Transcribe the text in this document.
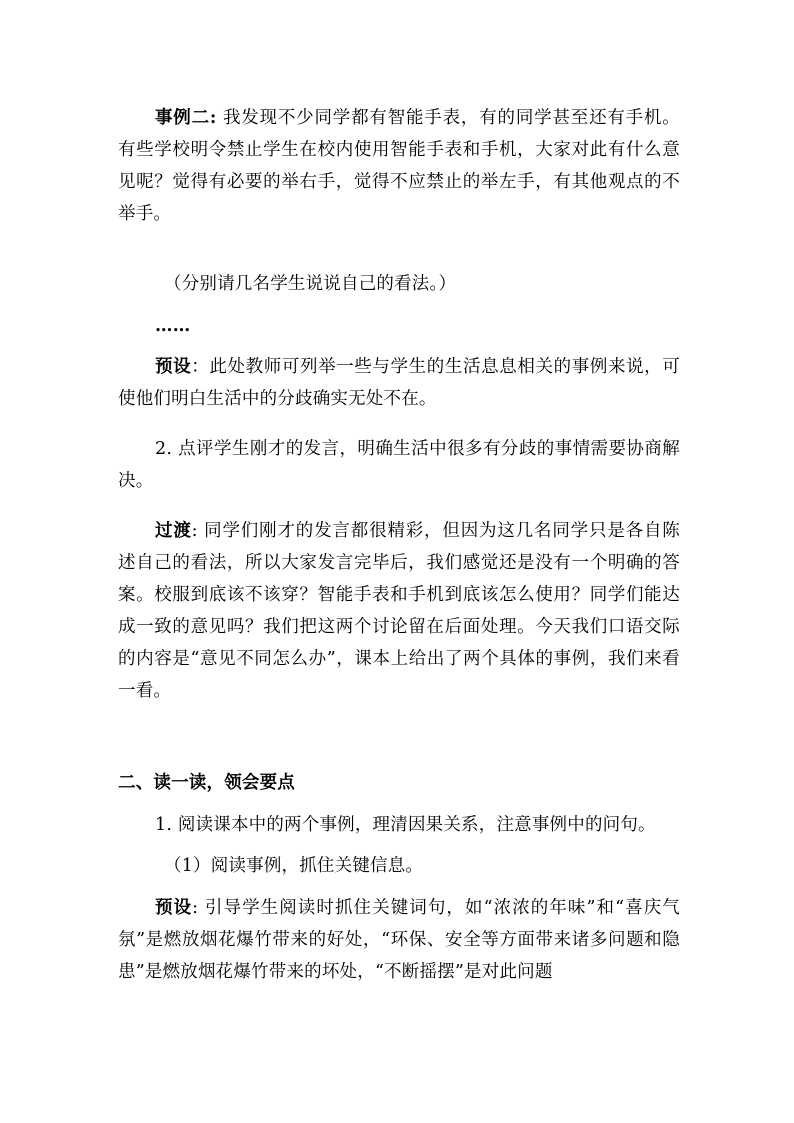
事例二: 我发现不少同学都有智能手表，有的同学甚至还有手机。有些学校明令禁止学生在校内使用智能手表和手机，大家对此有什么意见呢？觉得有必要的举右手，觉得不应禁止的举左手，有其他观点的不举手。

（分别请几名学生说说自己的看法。）

……

预设：此处教师可列举一些与学生的生活息息相关的事例来说，可使他们明白生活中的分歧确实无处不在。

2. 点评学生刚才的发言，明确生活中很多有分歧的事情需要协商解决。

过渡: 同学们刚才的发言都很精彩，但因为这几名同学只是各自陈述自己的看法，所以大家发言完毕后，我们感觉还是没有一个明确的答案。校服到底该不该穿？智能手表和手机到底该怎么使用？同学们能达成一致的意见吗？我们把这两个讨论留在后面处理。今天我们口语交际的内容是“意见不同怎么办”，课本上给出了两个具体的事例，我们来看一看。

二、读一读，领会要点

1. 阅读课本中的两个事例，理清因果关系，注意事例中的问句。

（1）阅读事例，抓住关键信息。

预设: 引导学生阅读时抓住关键词句，如“浓浓的年味”和“喜庆气氛”是燃放烟花爆竹带来的好处，“环保、安全等方面带来诸多问题和隐患”是燃放烟花爆竹带来的坏处，“不断摇摆”是对此问题
